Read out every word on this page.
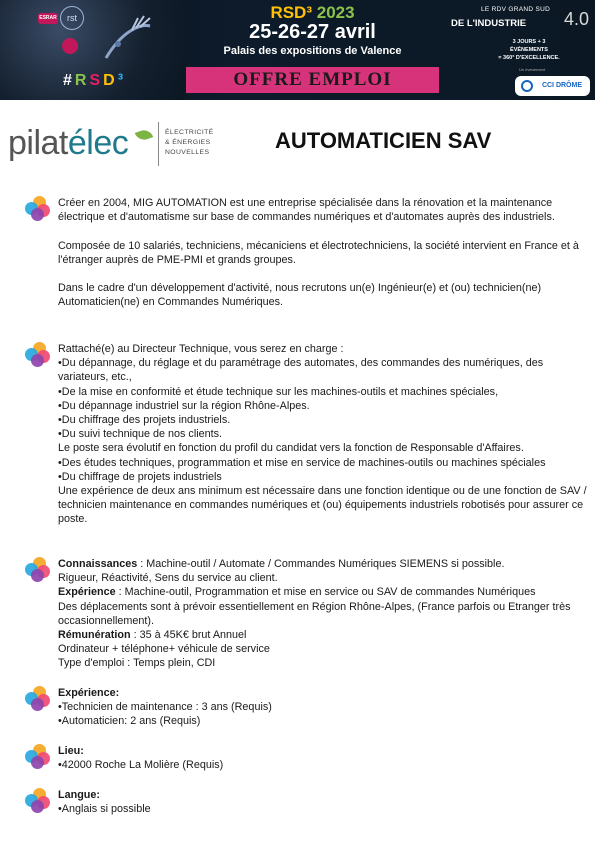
ESRAR	rst
#RSD³
RSD³ 2023
25-26-27 avril
Palais des expositions de Valence
OFFRE EMPLOI
LE RDV GRAND SUD
DE L'INDUSTRIE 4.0
3 JOURS + 3 ÉVÉNEMENTS
= 360° D'EXCELLENCE.
Un événement
CCI DRÔME
pilatélec	ÉLECTRICITÉ
& ÉNERGIES
NOUVELLES	AUTOMATICIEN SAV

Créer en 2004, MIG AUTOMATION est une entreprise spécialisée dans la rénovation et la maintenance électrique et d'automatisme sur base de commandes numériques et d'automates auprès des industriels.

Composée de 10 salariés, techniciens, mécaniciens et électrotechniciens, la société intervient en France et à l'étranger auprès de PME-PMI et grands groupes.

Dans le cadre d'un développement d'activité, nous recrutons un(e) Ingénieur(e) et (ou) technicien(ne) Automaticien(ne) en Commandes Numériques.

Rattaché(e) au Directeur Technique, vous serez en charge :

•Du dépannage, du réglage et du paramétrage des automates, des commandes des numériques, des variateurs, etc.,

•De la mise en conformité et étude technique sur les machines-outils et machines spéciales,

•Du dépannage industriel sur la région Rhône-Alpes.

•Du chiffrage des projets industriels.

•Du suivi technique de nos clients.

Le poste sera évolutif en fonction du profil du candidat vers la fonction de Responsable d'Affaires.

•Des études techniques, programmation et mise en service de machines-outils ou machines spéciales

•Du chiffrage de projets industriels

Une expérience de deux ans minimum est nécessaire dans une fonction identique ou de une fonction de SAV / technicien maintenance en commandes numériques et (ou) équipements industriels robotisés pour assurer ce poste.

Connaissances : Machine-outil / Automate / Commandes Numériques SIEMENS si possible.

Rigueur, Réactivité, Sens du service au client.

Expérience : Machine-outil, Programmation et mise en service ou SAV de commandes Numériques

Des déplacements sont à prévoir essentiellement en Région Rhône-Alpes, (France parfois ou Etranger très occasionnellement).

Rémunération : 35 à 45K€ brut Annuel

Ordinateur + téléphone+ véhicule de service

Type d'emploi : Temps plein, CDI

Expérience:

•Technicien de maintenance : 3 ans (Requis)

•Automaticien: 2 ans (Requis)

Lieu:

•42000 Roche La Molière (Requis)

Langue:

•Anglais si possible
